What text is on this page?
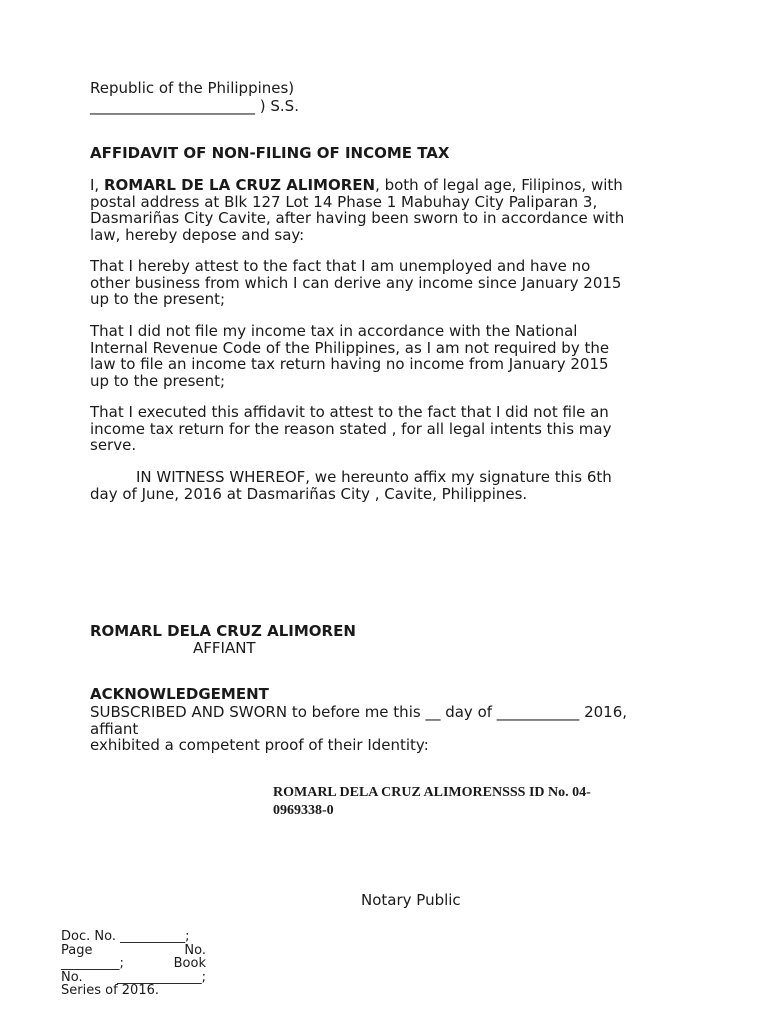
Republic of the Philippines)
______________________ ) S.S.
AFFIDAVIT OF NON-FILING OF INCOME TAX
I, ROMARL DE LA CRUZ ALIMOREN, both of legal age, Filipinos, with
postal address at Blk 127 Lot 14 Phase 1 Mabuhay City Paliparan 3,
Dasmariñas City Cavite, after having been sworn to in accordance with
law, hereby depose and say:
That I hereby attest to the fact that I am unemployed and have no
other business from which I can derive any income since January 2015
up to the present;
That I did not file my income tax in accordance with the National
Internal Revenue Code of the Philippines, as I am not required by the
law to file an income tax return having no income from January 2015
up to the present;
That I executed this affidavit to attest to the fact that I did not file an
income tax return for the reason stated , for all legal intents this may
serve.
IN WITNESS WHEREOF, we hereunto affix my signature this 6th
day of June, 2016 at Dasmariñas City , Cavite, Philippines.
ROMARL DELA CRUZ ALIMOREN
AFFIANT
ACKNOWLEDGEMENT
SUBSCRIBED AND SWORN to before me this __ day of ___________ 2016,
affiant
exhibited a competent proof of their Identity:
ROMARL DELA CRUZ ALIMORENSSS ID No. 04-
0969338-0
Notary Public
Doc. No. __________;
Page	No.
_________;	Book
No.	_____________;
Series of 2016.
